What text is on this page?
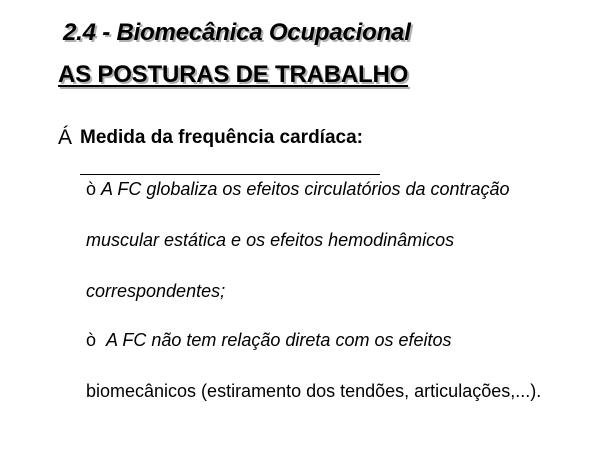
2.4 - Biomecânica Ocupacional
AS POSTURAS DE TRABALHO
Á Medida da frequência cardíaca:
ò A FC globaliza os efeitos circulatórios da contração
muscular estática e os efeitos hemodinâmicos
correspondentes;
ò A FC não tem relação direta com os efeitos
biomecânicos (estiramento dos tendões, articulações,...).
